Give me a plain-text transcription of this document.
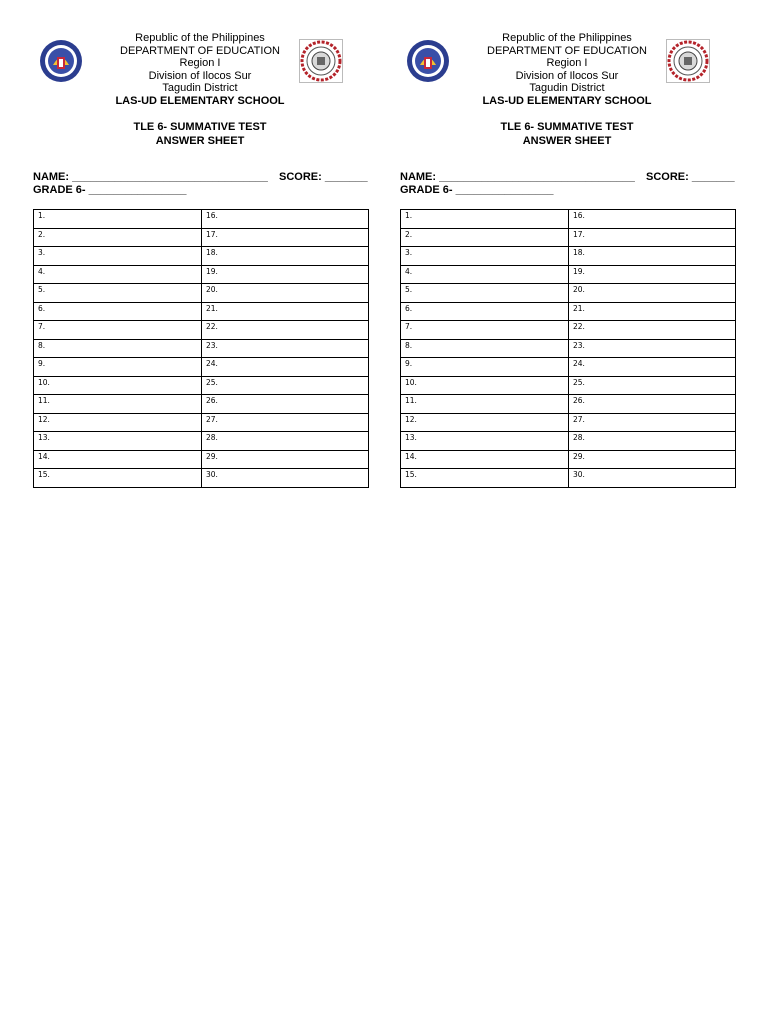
Republic of the Philippines
DEPARTMENT OF EDUCATION
Region I
Division of Ilocos Sur
Tagudin District
LAS-UD ELEMENTARY SCHOOL
TLE 6- SUMMATIVE TEST
ANSWER SHEET
NAME: ________________________________ SCORE: _______
GRADE 6- ________________
1.	16.
2.	17.
3.	18.
4.	19.
5.	20.
6.	21.
7.	22.
8.	23.
9.	24.
10.	25.
11.	26.
12.	27.
13.	28.
14.	29.
15.	30.
Republic of the Philippines
DEPARTMENT OF EDUCATION
Region I
Division of Ilocos Sur
Tagudin District
LAS-UD ELEMENTARY SCHOOL
TLE 6- SUMMATIVE TEST
ANSWER SHEET
NAME: ________________________________ SCORE: _______
GRADE 6- ________________
1.	16.
2.	17.
3.	18.
4.	19.
5.	20.
6.	21.
7.	22.
8.	23.
9.	24.
10.	25.
11.	26.
12.	27.
13.	28.
14.	29.
15.	30.
